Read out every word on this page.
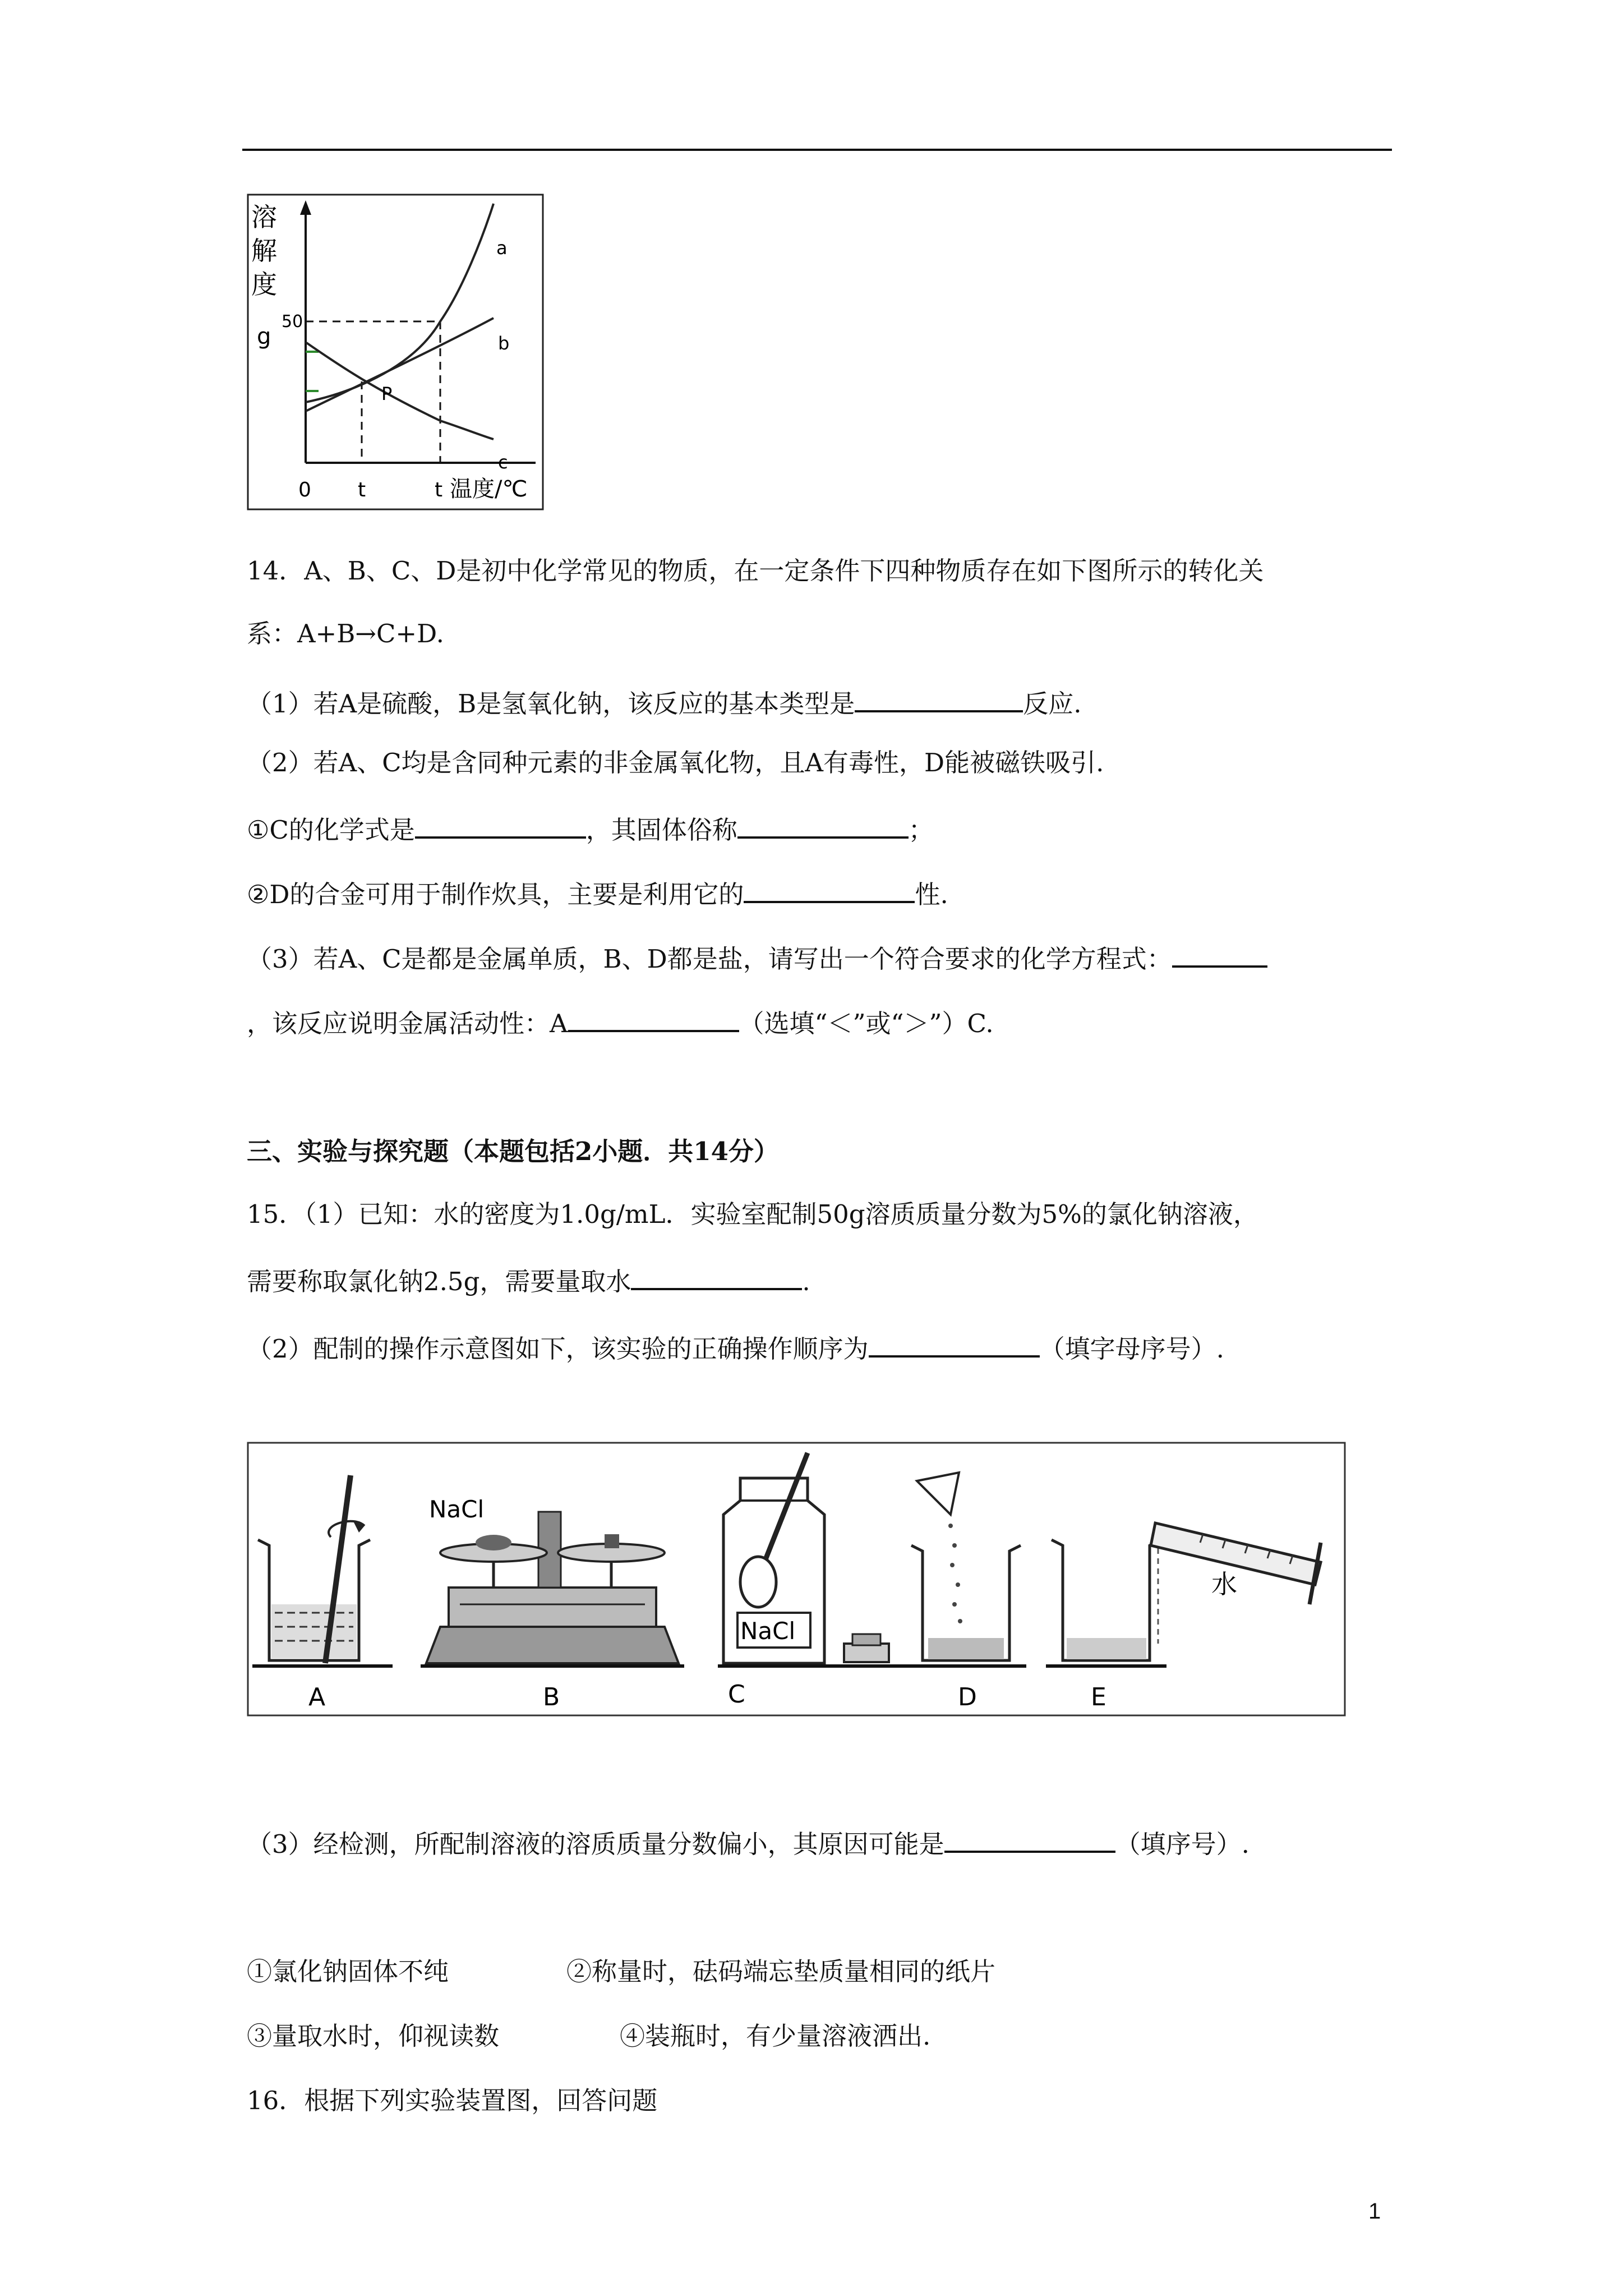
溶
解
度
g
50
0 t	t 温度/℃
a
b
c
P
14．A、B、C、D是初中化学常见的物质，在一定条件下四种物质存在如下图所示的转化关
系：A+B→C+D.
（1）若A是硫酸，B是氢氧化钠，该反应的基本类型是	反应.
（2）若A、C均是含同种元素的非金属氧化物，且A有毒性，D能被磁铁吸引.
①C的化学式是	，其固体俗称	；
②D的合金可用于制作炊具，主要是利用它的	性.
（3）若A、C是都是金属单质，B、D都是盐，请写出一个符合要求的化学方程式：
，该反应说明金属活动性：A	（选填“＜”或“＞”）C.
三、实验与探究题（本题包括2小题．共14分）
15．（1）已知：水的密度为1.0g/mL．实验室配制50g溶质质量分数为5%的氯化钠溶液，
需要称取氯化钠2.5g，需要量取水	.
（2）配制的操作示意图如下，该实验的正确操作顺序为	（填字母序号）.
A	B	C	D	E
NaCl
NaCl
水
（3）经检测，所配制溶液的溶质质量分数偏小，其原因可能是	（填序号）.
①氯化钠固体不纯	②称量时，砝码端忘垫质量相同的纸片
③量取水时，仰视读数	④装瓶时，有少量溶液洒出.
16．根据下列实验装置图，回答问题
1
